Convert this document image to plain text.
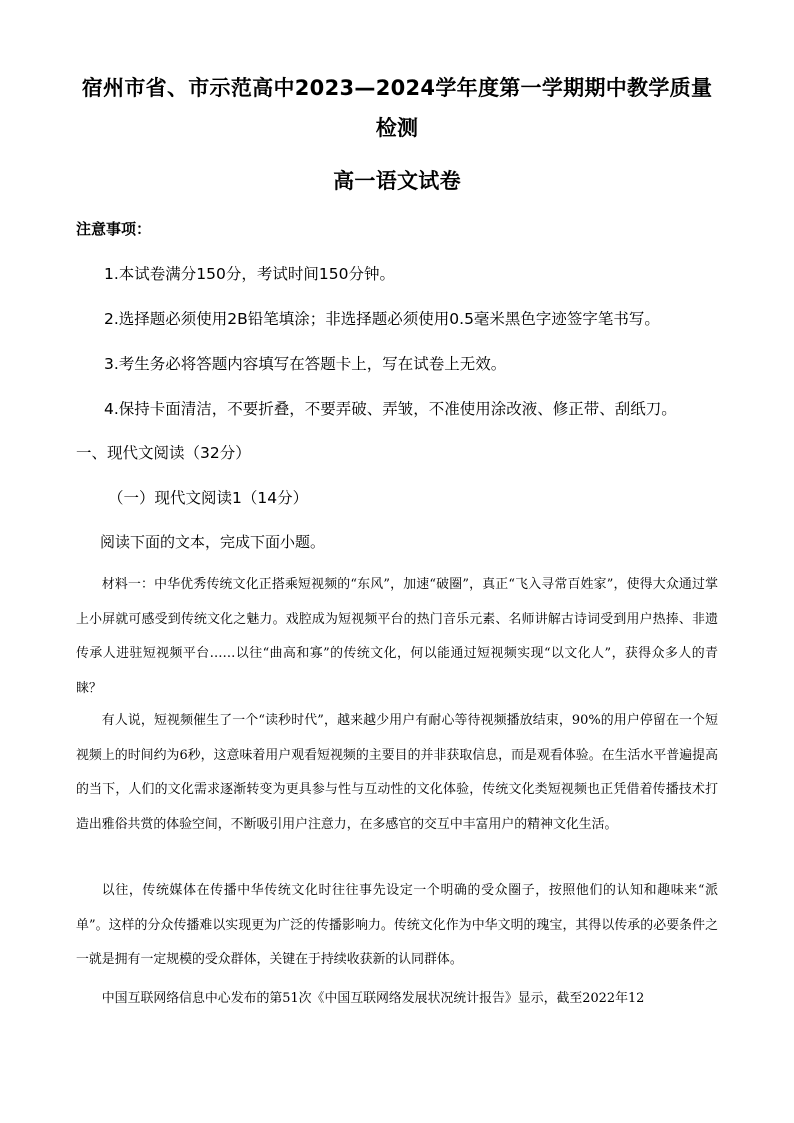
宿州市省、市示范高中2023—2024学年度第一学期期中教学质量
检测
高一语文试卷
注意事项：
1.本试卷满分150分，考试时间150分钟。
2.选择题必须使用2B铅笔填涂；非选择题必须使用0.5毫米黑色字迹签字笔书写。
3.考生务必将答题内容填写在答题卡上，写在试卷上无效。
4.保持卡面清洁，不要折叠，不要弄破、弄皱，不准使用涂改液、修正带、刮纸刀。
一、现代文阅读（32分）
（一）现代文阅读1（14分）
阅读下面的文本，完成下面小题。

材料一：中华优秀传统文化正搭乘短视频的“东风”，加速“破圈”，真正“飞入寻常百姓家”，使得大众通过掌上小屏就可感受到传统文化之魅力。戏腔成为短视频平台的热门音乐元素、名师讲解古诗词受到用户热捧、非遗传承人进驻短视频平台……以往“曲高和寡”的传统文化，何以能通过短视频实现“以文化人”，获得众多人的青睐？

有人说，短视频催生了一个“读秒时代”，越来越少用户有耐心等待视频播放结束，90%的用户停留在一个短视频上的时间约为6秒，这意味着用户观看短视频的主要目的并非获取信息，而是观看体验。在生活水平普遍提高的当下，人们的文化需求逐渐转变为更具参与性与互动性的文化体验，传统文化类短视频也正凭借着传播技术打造出雅俗共赏的体验空间，不断吸引用户注意力，在多感官的交互中丰富用户的精神文化生活。

以往，传统媒体在传播中华传统文化时往往事先设定一个明确的受众圈子，按照他们的认知和趣味来“派单”。这样的分众传播难以实现更为广泛的传播影响力。传统文化作为中华文明的瑰宝，其得以传承的必要条件之一就是拥有一定规模的受众群体，关键在于持续收获新的认同群体。

中国互联网络信息中心发布的第51次《中国互联网络发展状况统计报告》显示，截至2022年12
